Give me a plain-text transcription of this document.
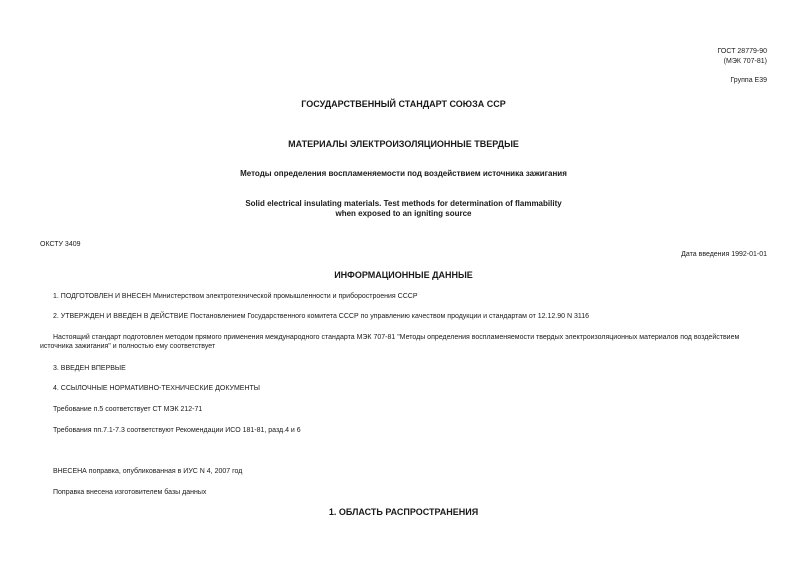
ГОСТ 28779-90
(МЭК 707-81)
Группа Е39
ГОСУДАРСТВЕННЫЙ СТАНДАРТ СОЮЗА ССР
МАТЕРИАЛЫ ЭЛЕКТРОИЗОЛЯЦИОННЫЕ ТВЕРДЫЕ
Методы определения воспламеняемости под воздействием источника зажигания
Solid electrical insulating materials. Test methods for determination of flammability
when exposed to an igniting source
ОКСТУ 3409
Дата введения 1992-01-01
ИНФОРМАЦИОННЫЕ ДАННЫЕ
1. ПОДГОТОВЛЕН И ВНЕСЕН Министерством электротехнической промышленности и приборостроения СССР
2. УТВЕРЖДЕН И ВВЕДЕН В ДЕЙСТВИЕ Постановлением Государственного комитета СССР по управлению качеством продукции и стандартам от 12.12.90 N 3116
Настоящий стандарт подготовлен методом прямого применения международного стандарта МЭК 707-81 "Методы определения воспламеняемости твердых электроизоляционных материалов под воздействием источника зажигания" и полностью ему соответствует
3. ВВЕДЕН ВПЕРВЫЕ
4. ССЫЛОЧНЫЕ НОРМАТИВНО-ТЕХНИЧЕСКИЕ ДОКУМЕНТЫ
Требование п.5 соответствует СТ МЭК 212-71
Требования пп.7.1-7.3 соответствуют Рекомендации ИСО 181-81, разд.4 и 6
ВНЕСЕНА поправка, опубликованная в ИУС N 4, 2007 год
Поправка внесена изготовителем базы данных
1. ОБЛАСТЬ РАСПРОСТРАНЕНИЯ
